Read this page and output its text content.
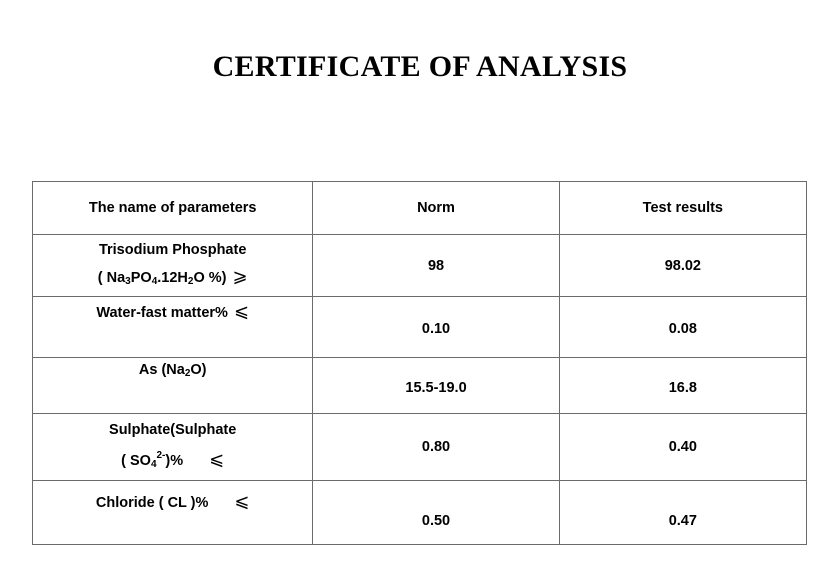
CERTIFICATE OF ANALYSIS
The name of parameters	Norm	Test results

Trisodium Phosphate
( $Na_3PO_4.12H_2O$ %) ⩾	98	98.02
Water-fast matter% ⩽	0.10	0.08
As $(Na_2O)$	15.5-19.0	16.8

Sulphate(Sulphate
( $SO_4^{2-})\%$ ⩽	0.80	0.40
Chloride ( CL )% ⩽	0.50	0.47
